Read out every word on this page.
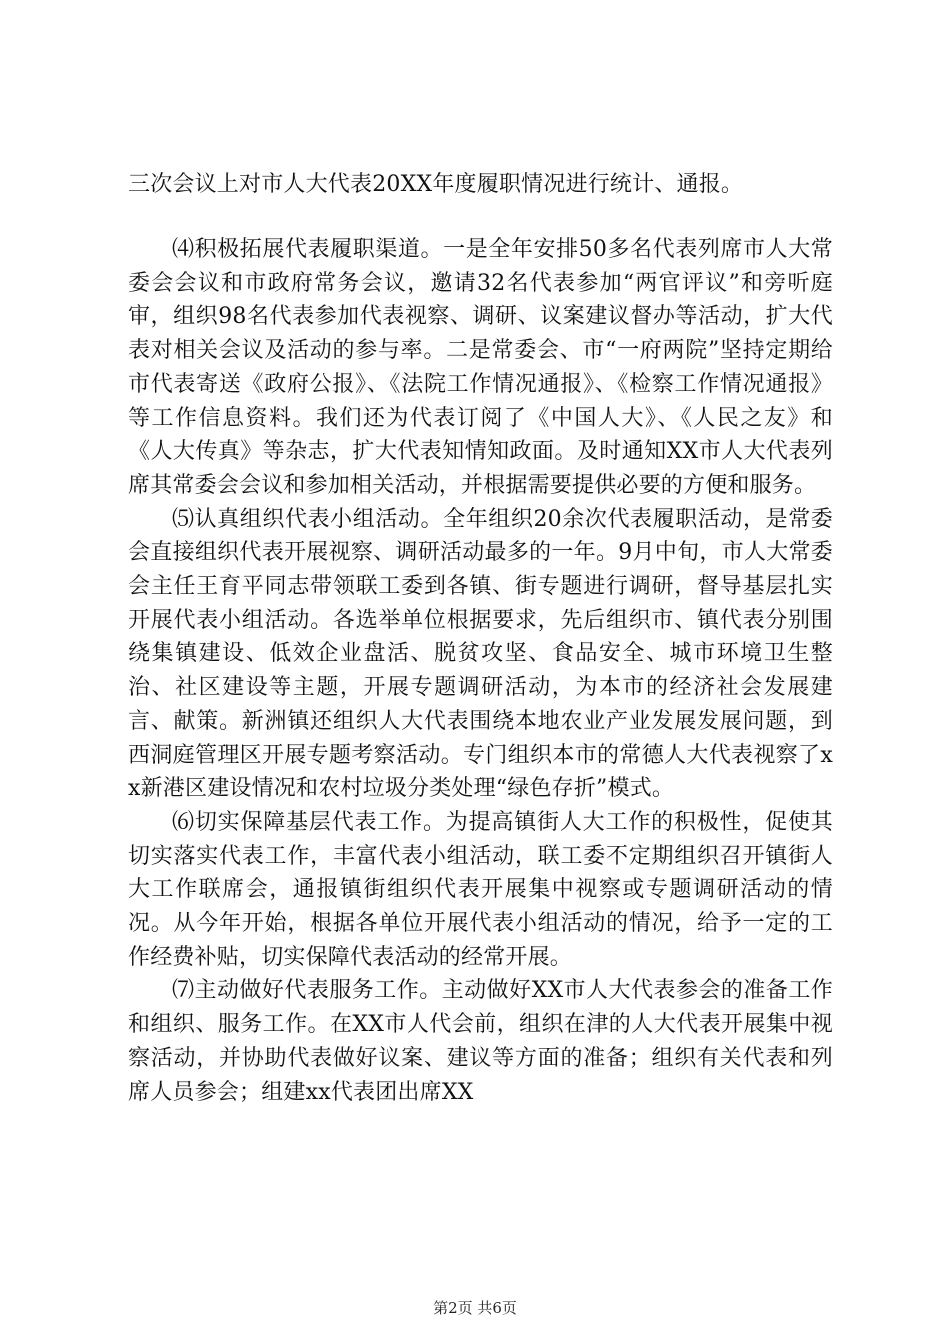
三次会议上对市人大代表20XX年度履职情况进行统计、通报。

⑷积极拓展代表履职渠道。一是全年安排50多名代表列席市人大常委会会议和市政府常务会议，邀请32名代表参加“两官评议”和旁听庭审，组织98名代表参加代表视察、调研、议案建议督办等活动，扩大代表对相关会议及活动的参与率。二是常委会、市“一府两院”坚持定期给市代表寄送《政府公报》、《法院工作情况通报》、《检察工作情况通报》等工作信息资料。我们还为代表订阅了《中国人大》、《人民之友》和《人大传真》等杂志，扩大代表知情知政面。及时通知XX市人大代表列席其常委会会议和参加相关活动，并根据需要提供必要的方便和服务。

⑸认真组织代表小组活动。全年组织20余次代表履职活动，是常委会直接组织代表开展视察、调研活动最多的一年。9月中旬，市人大常委会主任王育平同志带领联工委到各镇、街专题进行调研，督导基层扎实开展代表小组活动。各选举单位根据要求，先后组织市、镇代表分别围绕集镇建设、低效企业盘活、脱贫攻坚、食品安全、城市环境卫生整治、社区建设等主题，开展专题调研活动，为本市的经济社会发展建言、献策。新洲镇还组织人大代表围绕本地农业产业发展发展问题，到西洞庭管理区开展专题考察活动。专门组织本市的常德人大代表视察了xx新港区建设情况和农村垃圾分类处理“绿色存折”模式。

⑹切实保障基层代表工作。为提高镇街人大工作的积极性，促使其切实落实代表工作，丰富代表小组活动，联工委不定期组织召开镇街人大工作联席会，通报镇街组织代表开展集中视察或专题调研活动的情况。从今年开始，根据各单位开展代表小组活动的情况，给予一定的工作经费补贴，切实保障代表活动的经常开展。

⑺主动做好代表服务工作。主动做好XX市人大代表参会的准备工作和组织、服务工作。在XX市人代会前，组织在津的人大代表开展集中视察活动，并协助代表做好议案、建议等方面的准备；组织有关代表和列席人员参会；组建xx代表团出席XX

第2页 共6页
